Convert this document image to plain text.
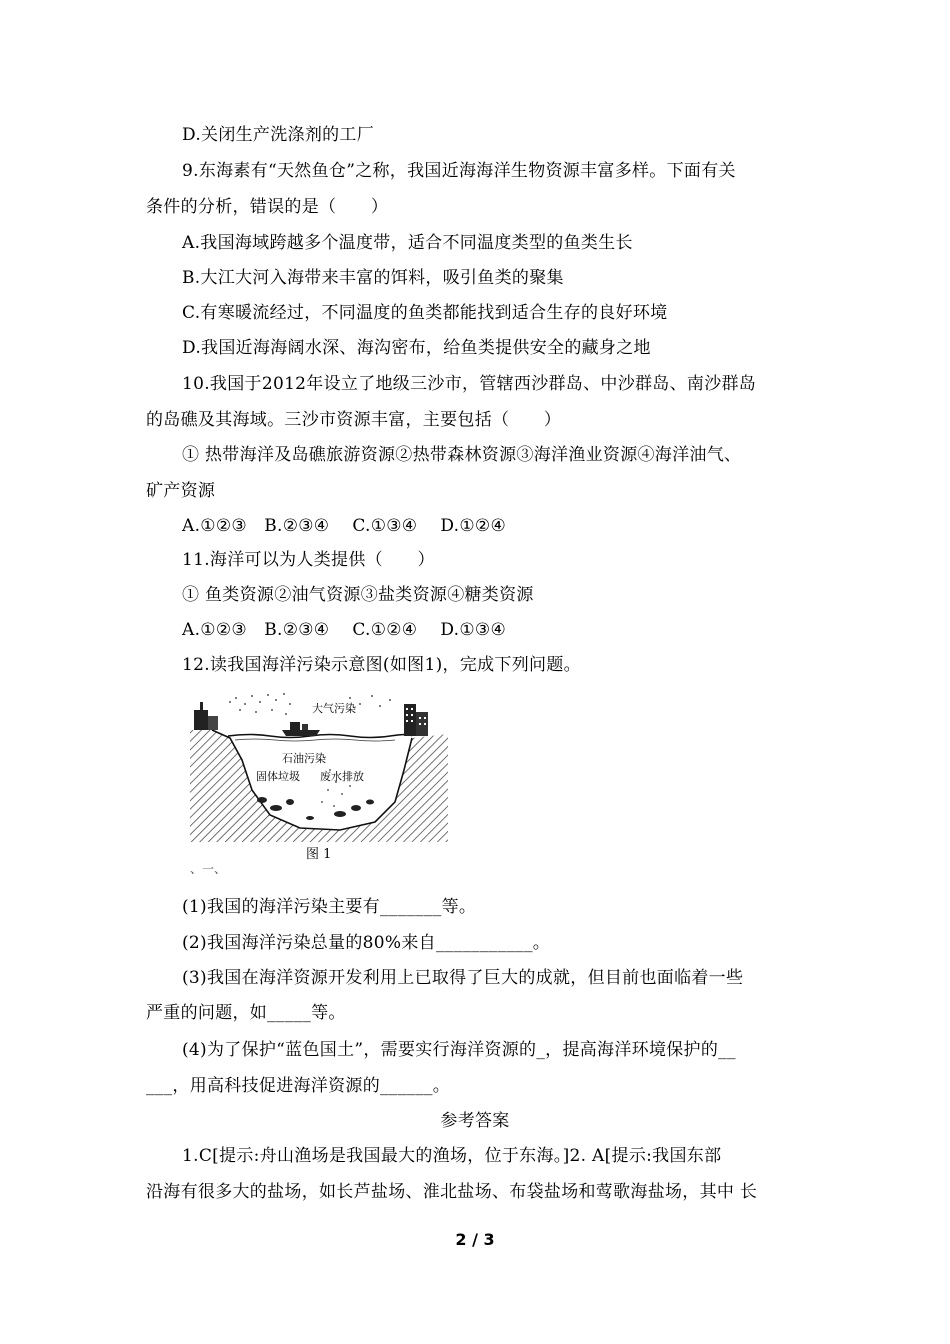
D.关闭生产洗涤剂的工厂
9.东海素有“天然鱼仓”之称，我国近海海洋生物资源丰富多样。下面有关
条件的分析，错误的是（　　）
A.我国海域跨越多个温度带，适合不同温度类型的鱼类生长
B.大江大河入海带来丰富的饵料，吸引鱼类的聚集
C.有寒暖流经过，不同温度的鱼类都能找到适合生存的良好环境
D.我国近海海阔水深、海沟密布，给鱼类提供安全的藏身之地
10.我国于2012年设立了地级三沙市，管辖西沙群岛、中沙群岛、南沙群岛
的岛礁及其海域。三沙市资源丰富，主要包括（　　）
① 热带海洋及岛礁旅游资源②热带森林资源③海洋渔业资源④海洋油气、
矿产资源
A.①②③　B.②③④　 C.①③④　 D.①②④
11.海洋可以为人类提供（　　）
① 鱼类资源②油气资源③盐类资源④糖类资源
A.①②③　B.②③④　 C.①②④　 D.①③④
12.读我国海洋污染示意图(如图1)，完成下列问题。
大气污染
石油污染
固体垃圾 废水排放
图 1
、一、
(1)我国的海洋污染主要有_______等。
(2)我国海洋污染总量的80%来自___________。
(3)我国在海洋资源开发利用上已取得了巨大的成就，但目前也面临着一些
严重的问题，如_____等。
(4)为了保护“蓝色国土”，需要实行海洋资源的_，提高海洋环境保护的__
___，用高科技促进海洋资源的______。
参考答案
1.C[提示:舟山渔场是我国最大的渔场，位于东海。]2. A[提示:我国东部
沿海有很多大的盐场，如长芦盐场、淮北盐场、布袋盐场和莺歌海盐场，其中 长
2 / 3
